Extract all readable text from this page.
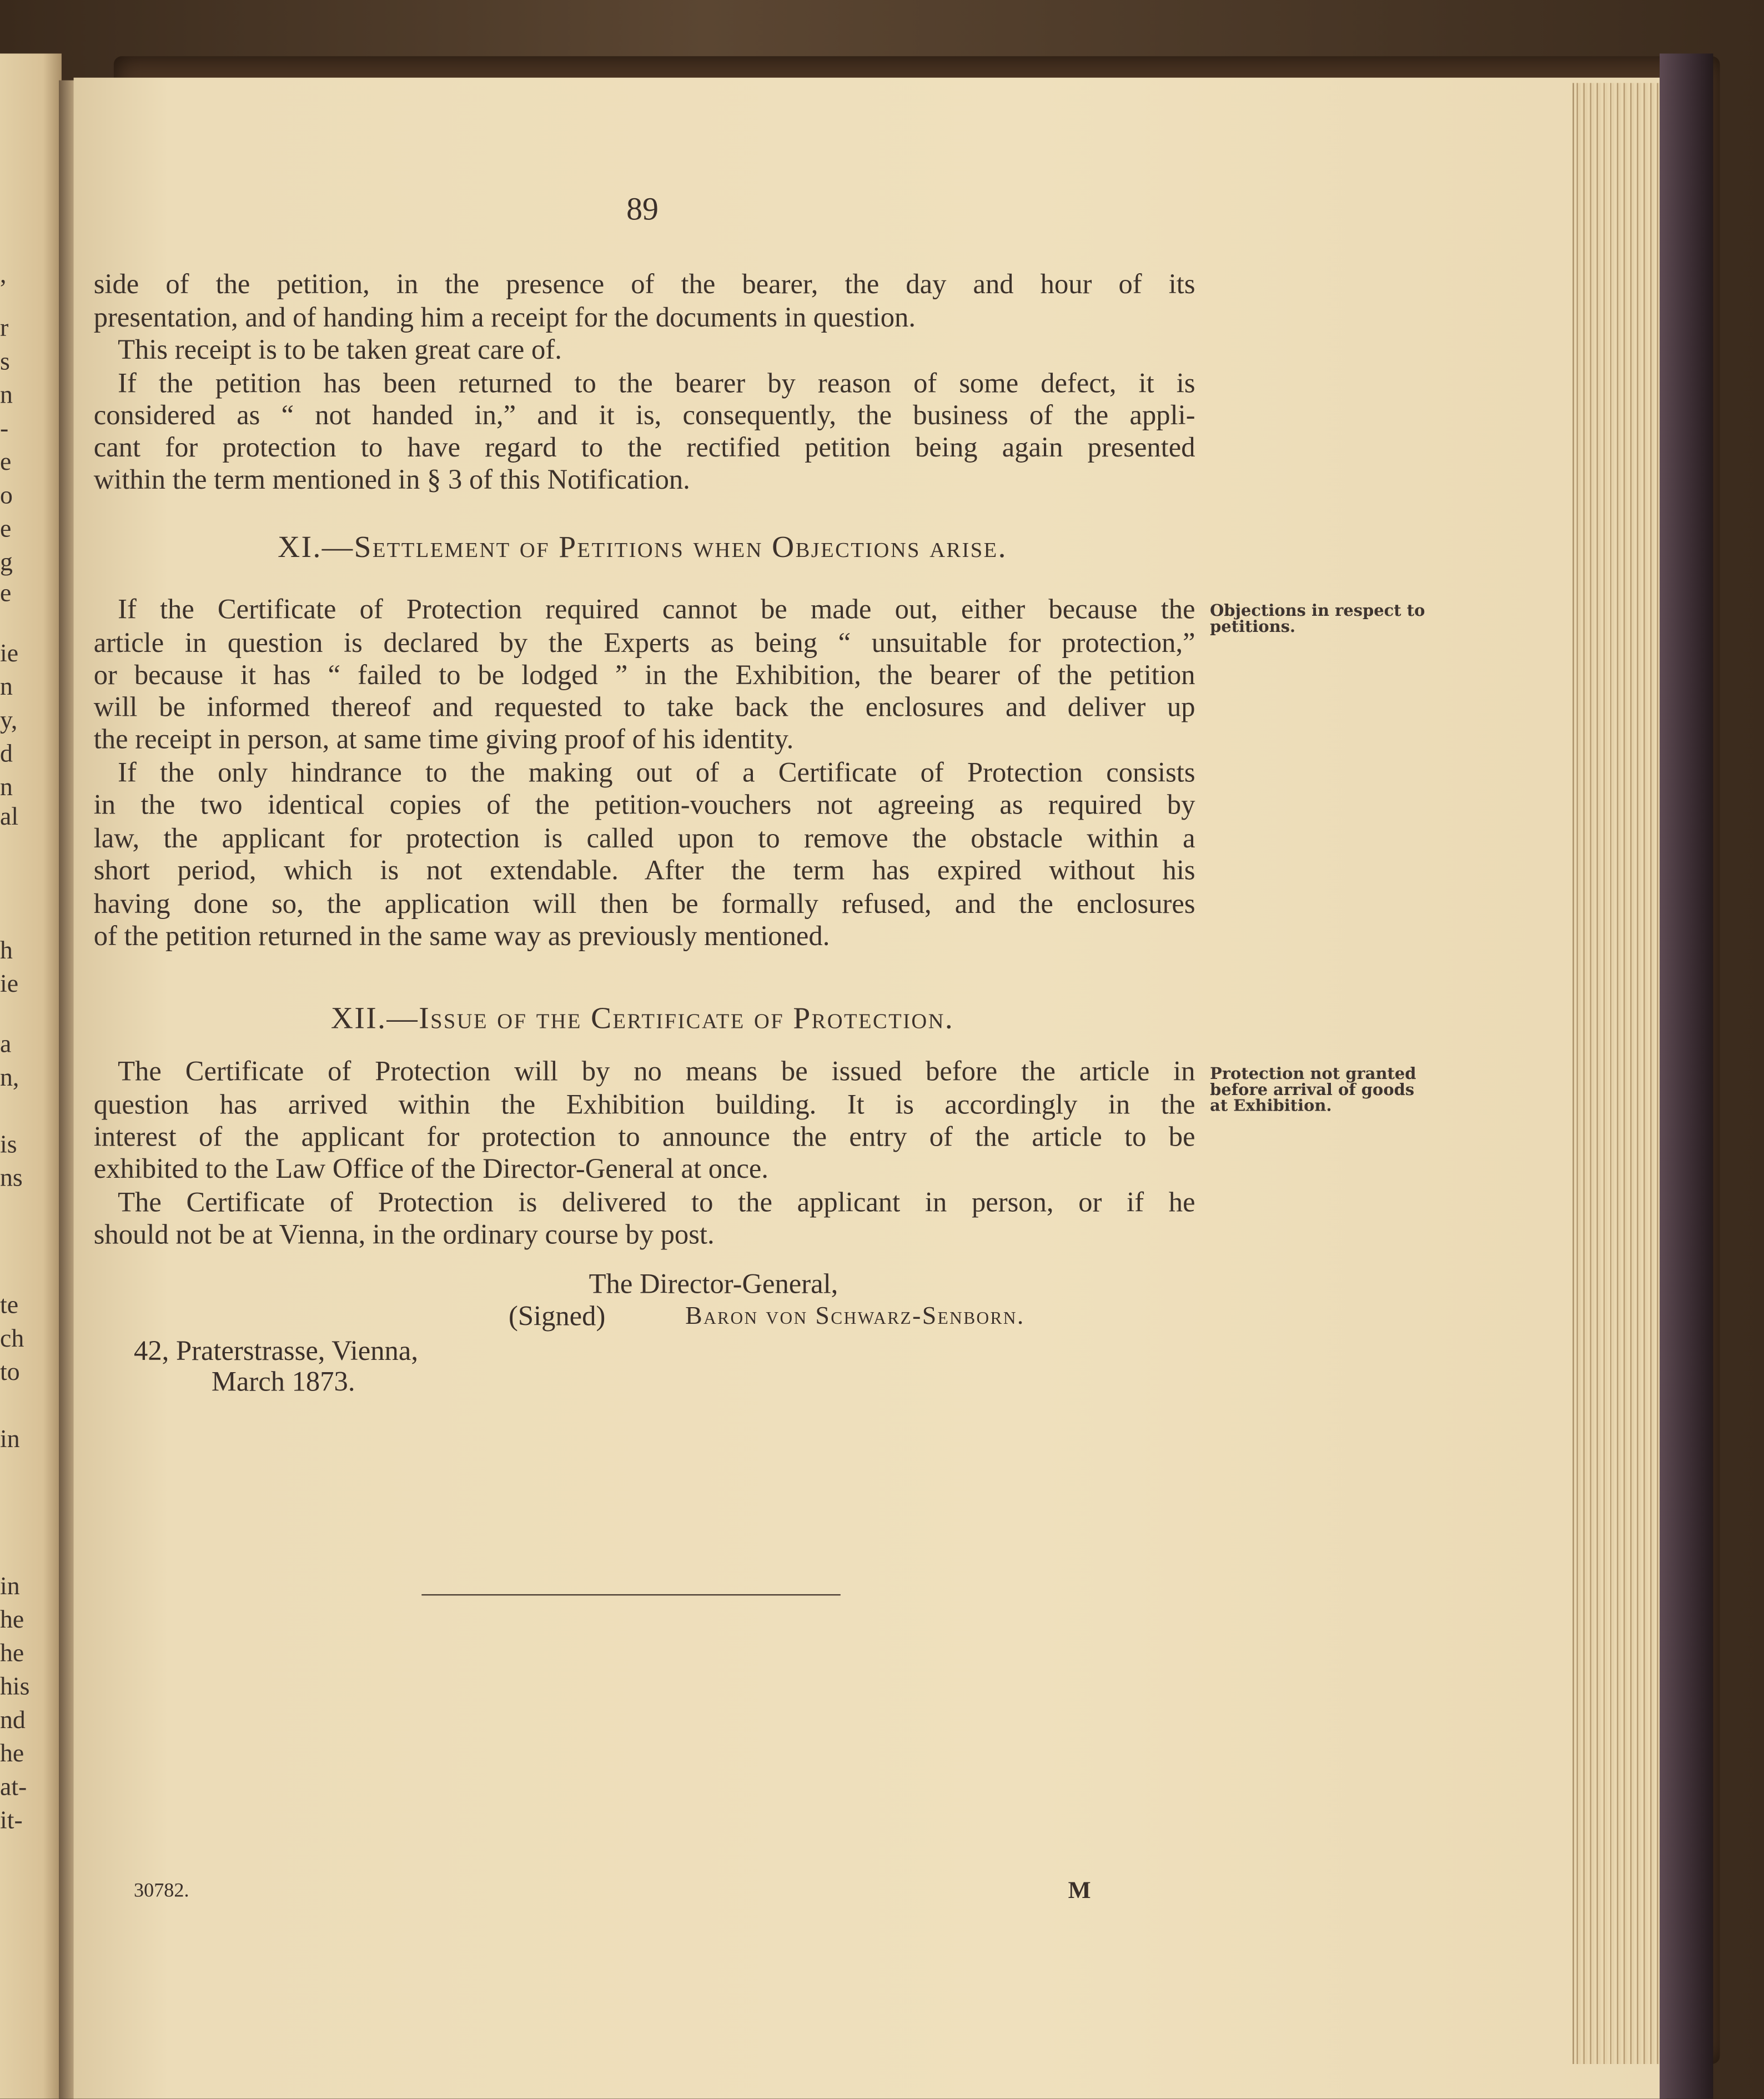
89
side of the petition, in the presence of the bearer, the day and hour of its
presentation, and of handing him a receipt for the documents in question.
This receipt is to be taken great care of.
If the petition has been returned to the bearer by reason of some defect, it is
considered as “ not handed in,” and it is, consequently, the business of the appli-
cant for protection to have regard to the rectified petition being again presented
within the term mentioned in § 3 of this Notification.
XI.—Settlement of Petitions when Objections arise.
Objections in respect to
petitions.
If the Certificate of Protection required cannot be made out, either because the
article in question is declared by the Experts as being “ unsuitable for protection,”
or because it has “ failed to be lodged ” in the Exhibition, the bearer of the petition
will be informed thereof and requested to take back the enclosures and deliver up
the receipt in person, at same time giving proof of his identity.
If the only hindrance to the making out of a Certificate of Protection consists
in the two identical copies of the petition-vouchers not agreeing as required by
law, the applicant for protection is called upon to remove the obstacle within a
short period, which is not extendable. After the term has expired without his
having done so, the application will then be formally refused, and the enclosures
of the petition returned in the same way as previously mentioned.
XII.—Issue of the Certificate of Protection.
Protection not granted
before arrival of goods
at Exhibition.
The Certificate of Protection will by no means be issued before the article in
question has arrived within the Exhibition building. It is accordingly in the
interest of the applicant for protection to announce the entry of the article to be
exhibited to the Law Office of the Director-General at once.
The Certificate of Protection is delivered to the applicant in person, or if he
should not be at Vienna, in the ordinary course by post.
The Director-General,
(Signed)	Baron von Schwarz-Senborn.
42, Praterstrasse, Vienna,
March 1873.
30782.	M
,
r
s
n
-
e
o
e
g
e
ie
n
y,
d
n
al
h
ie
a
n,
is
ns
te
ch
to
in
in
he
he
his
nd
he
at-
it-
